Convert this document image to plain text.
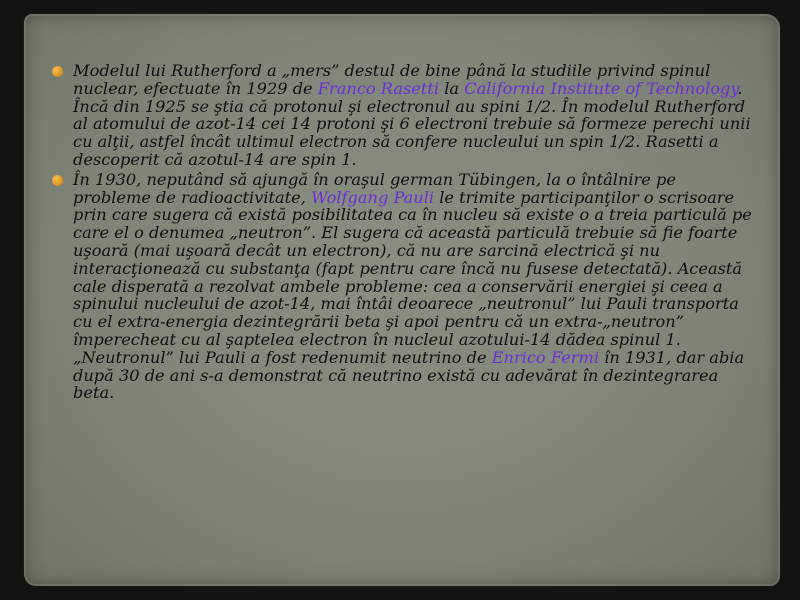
Modelul lui Rutherford a „mers” destul de bine până la studiile privind spinul nuclear, efectuate în 1929 de Franco Rasetti la California Institute of Technology. Încă din 1925 se ştia că protonul şi electronul au spini 1/2. În modelul Rutherford al atomului de azot-14 cei 14 protoni şi 6 electroni trebuie să formeze perechi unii cu alţii, astfel încât ultimul electron să confere nucleului un spin 1/2. Rasetti a descoperit că azotul-14 are spin 1.

În 1930, neputând să ajungă în oraşul german Tübingen, la o întâlnire pe probleme de radioactivitate, Wolfgang Pauli le trimite participanţilor o scrisoare prin care sugera că există posibilitatea ca în nucleu să existe o a treia particulă pe care el o denumea „neutron”. El sugera că această particulă trebuie să fie foarte uşoară (mai uşoară decât un electron), că nu are sarcină electrică şi nu interacţionează cu substanţa (fapt pentru care încă nu fusese detectată). Această cale disperată a rezolvat ambele probleme: cea a conservării energiei şi ceea a spinului nucleului de azot-14, mai întâi deoarece „neutronul” lui Pauli transporta cu el extra-energia dezintegrării beta şi apoi pentru că un extra-„neutron” împerecheat cu al şaptelea electron în nucleul azotului-14 dădea spinul 1. „Neutronul” lui Pauli a fost redenumit neutrino de Enrico Fermi în 1931, dar abia după 30 de ani s-a demonstrat că neutrino există cu adevărat în dezintegrarea beta.
